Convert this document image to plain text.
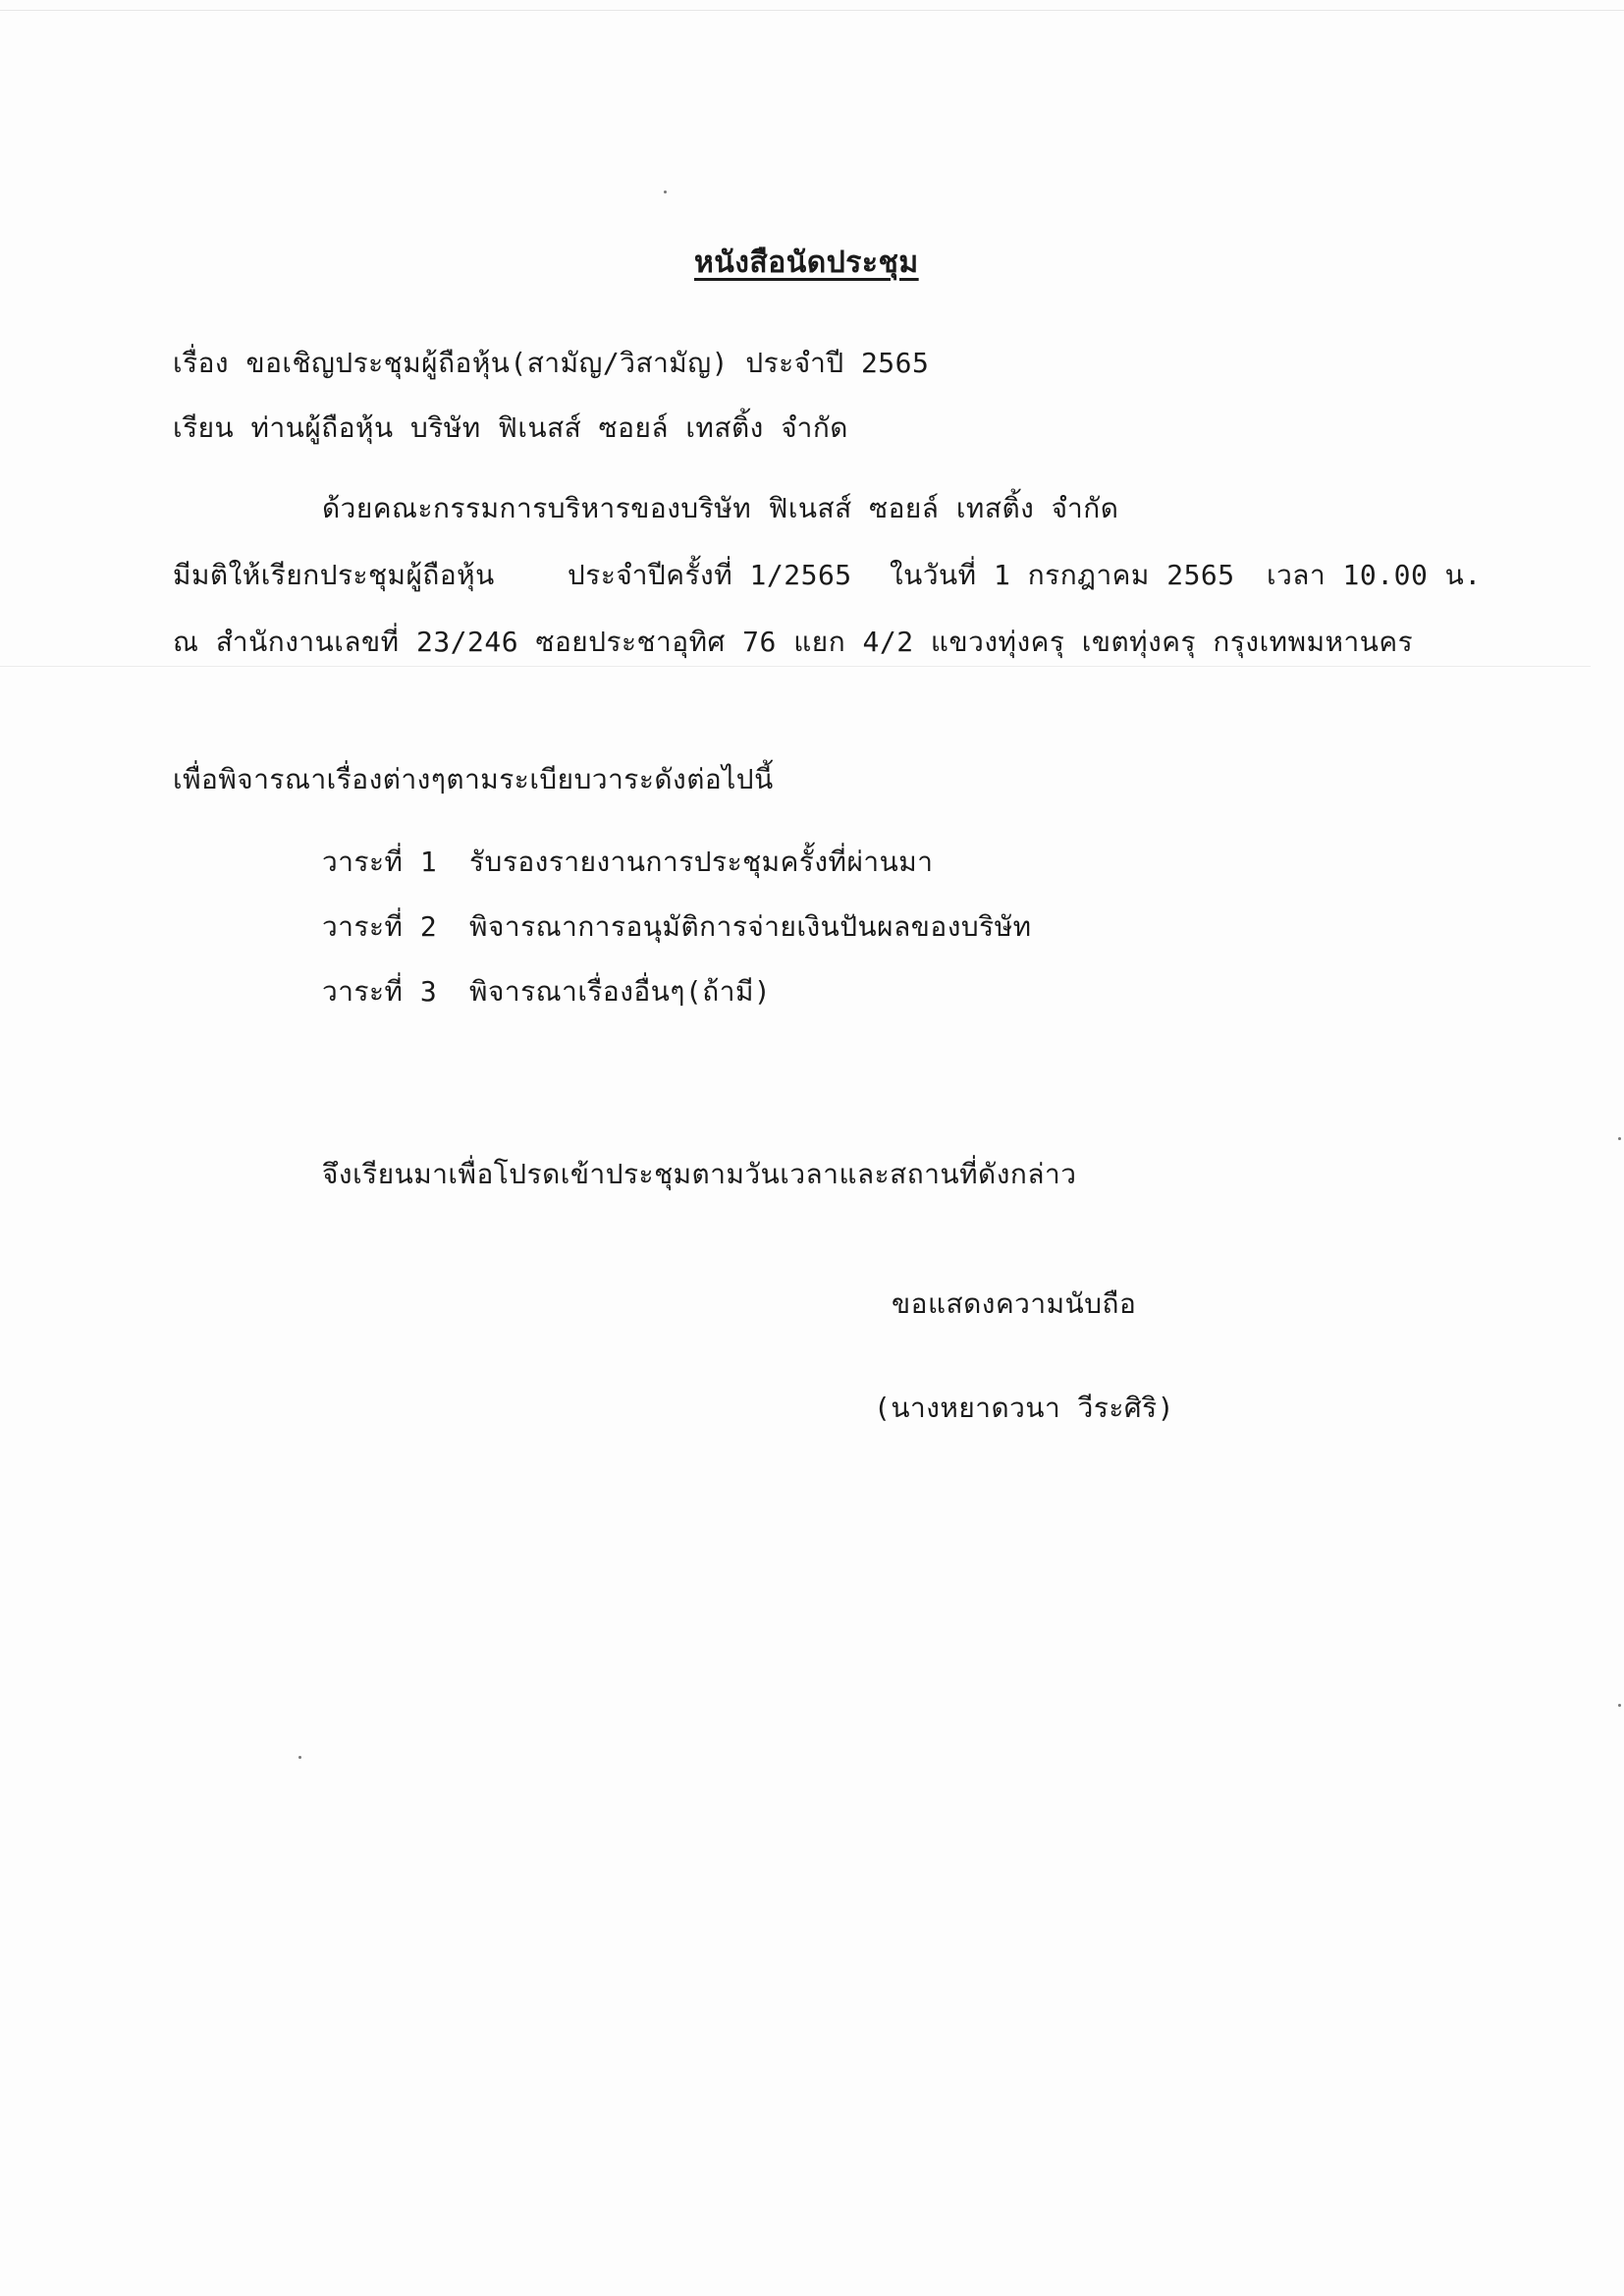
หนังสือนัดประชุม
เรื่อง ขอเชิญประชุมผู้ถือหุ้น(สามัญ/วิสามัญ) ประจำปี 2565
เรียน ท่านผู้ถือหุ้น บริษัท ฟิเนสส์ ซอยล์ เทสติ้ง จำกัด
ด้วยคณะกรรมการบริหารของบริษัท ฟิเนสส์ ซอยล์ เทสติ้ง จำกัด
มีมติให้เรียกประชุมผู้ถือหุ้น	ประจำปีครั้งที่ 1/2565 ในวันที่ 1 กรกฎาคม 2565 เวลา 10.00 น.
ณ สำนักงานเลขที่ 23/246 ซอยประชาอุทิศ 76 แยก 4/2 แขวงทุ่งครุ เขตทุ่งครุ กรุงเทพมหานคร
เพื่อพิจารณาเรื่องต่างๆตามระเบียบวาระดังต่อไปนี้
วาระที่ 1 รับรองรายงานการประชุมครั้งที่ผ่านมา
วาระที่ 2 พิจารณาการอนุมัติการจ่ายเงินปันผลของบริษัท
วาระที่ 3 พิจารณาเรื่องอื่นๆ(ถ้ามี)
จึงเรียนมาเพื่อโปรดเข้าประชุมตามวันเวลาและสถานที่ดังกล่าว
ขอแสดงความนับถือ
(นางหยาดวนา วีระศิริ)
